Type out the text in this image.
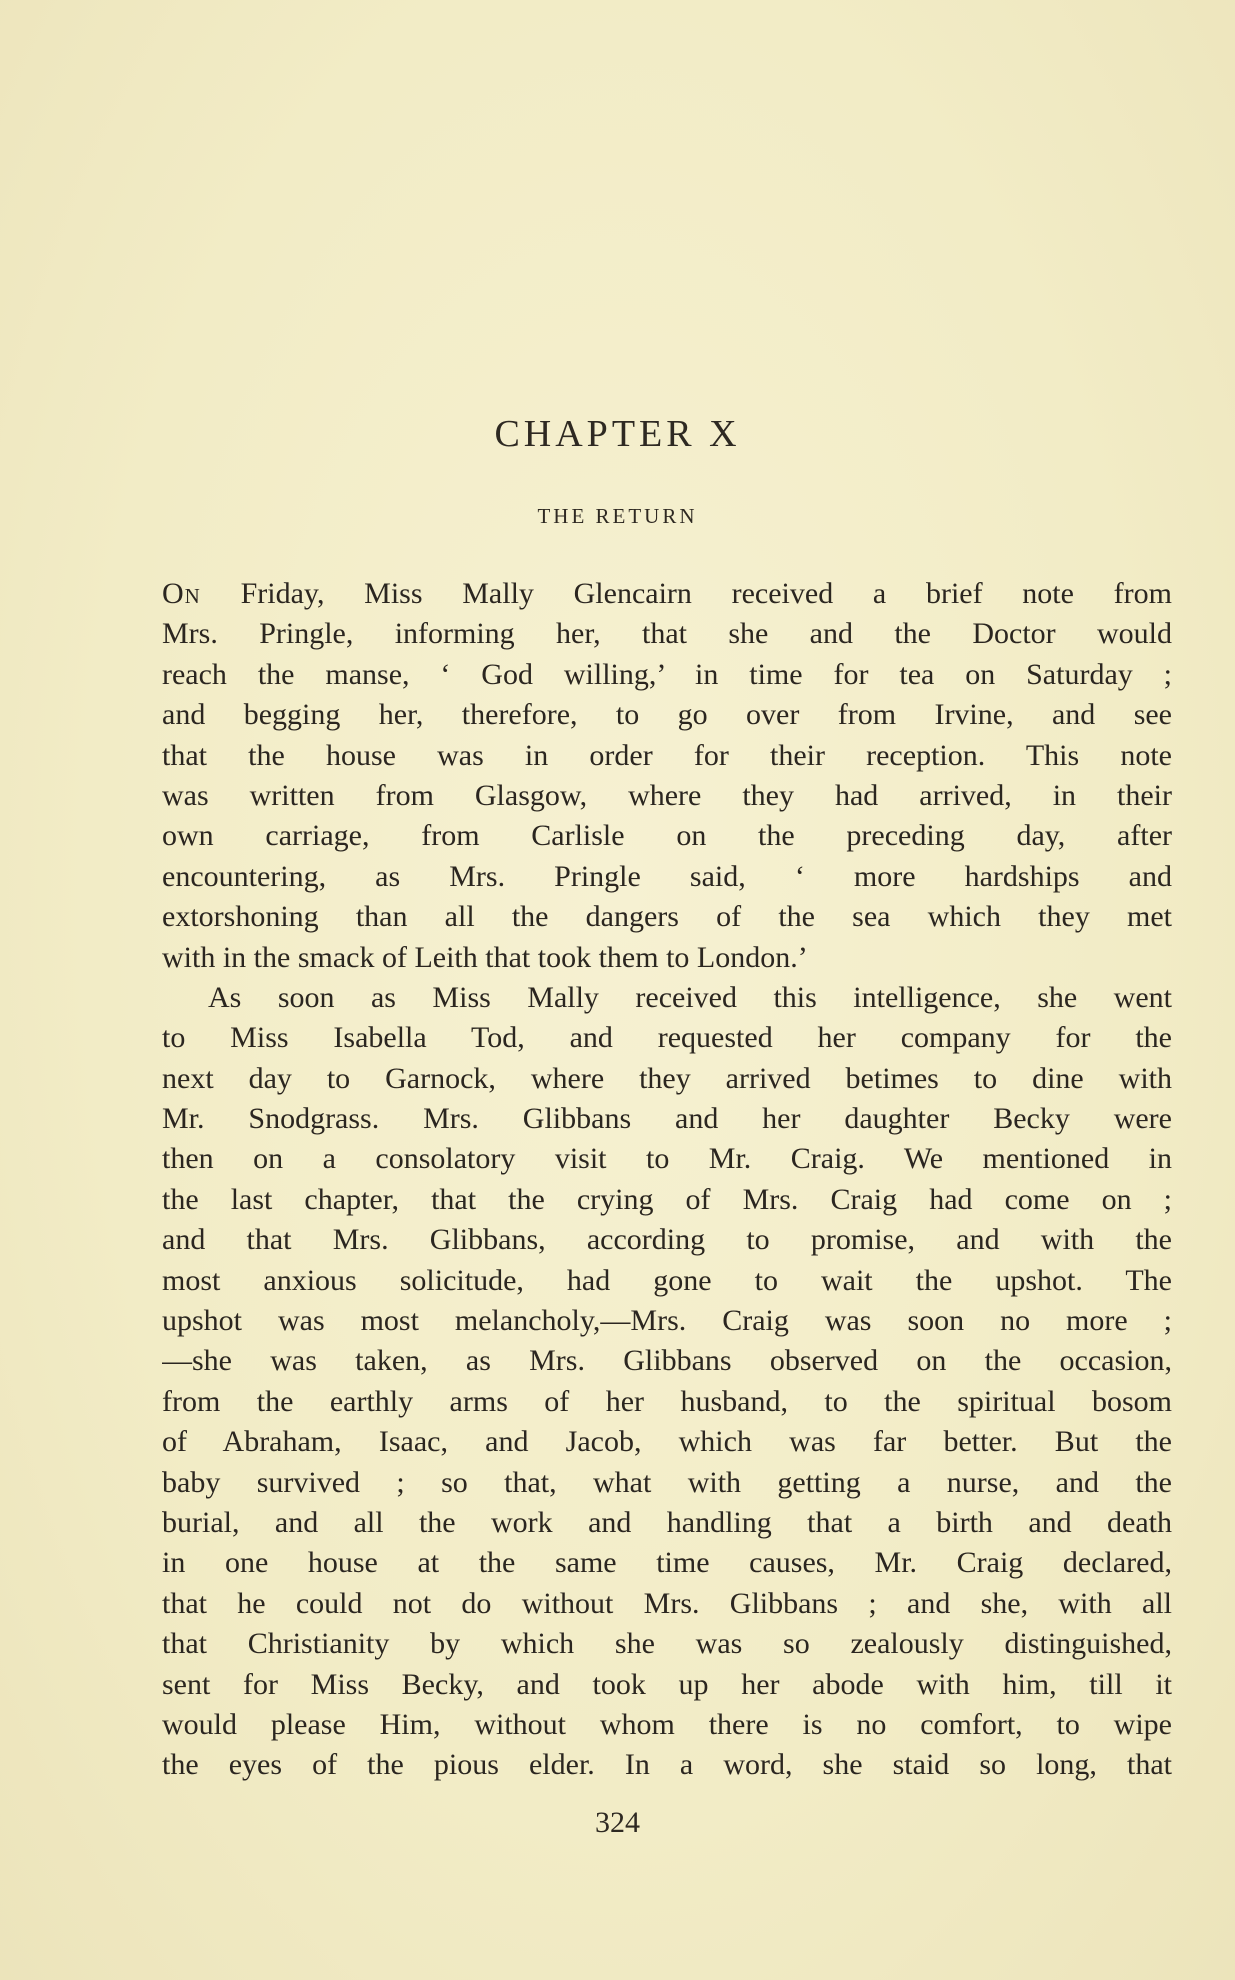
CHAPTER X
THE RETURN
On Friday, Miss Mally Glencairn received a brief note from
Mrs. Pringle, informing her, that she and the Doctor would
reach the manse, ‘ God willing,’ in time for tea on Saturday ;
and begging her, therefore, to go over from Irvine, and see
that the house was in order for their reception. This note
was written from Glasgow, where they had arrived, in their
own carriage, from Carlisle on the preceding day, after
encountering, as Mrs. Pringle said, ‘ more hardships and
extorshoning than all the dangers of the sea which they met
with in the smack of Leith that took them to London.’
As soon as Miss Mally received this intelligence, she went
to Miss Isabella Tod, and requested her company for the
next day to Garnock, where they arrived betimes to dine with
Mr. Snodgrass. Mrs. Glibbans and her daughter Becky were
then on a consolatory visit to Mr. Craig. We mentioned in
the last chapter, that the crying of Mrs. Craig had come on ;
and that Mrs. Glibbans, according to promise, and with the
most anxious solicitude, had gone to wait the upshot. The
upshot was most melancholy,—Mrs. Craig was soon no more ;
—she was taken, as Mrs. Glibbans observed on the occasion,
from the earthly arms of her husband, to the spiritual bosom
of Abraham, Isaac, and Jacob, which was far better. But the
baby survived ; so that, what with getting a nurse, and the
burial, and all the work and handling that a birth and death
in one house at the same time causes, Mr. Craig declared,
that he could not do without Mrs. Glibbans ; and she, with all
that Christianity by which she was so zealously distinguished,
sent for Miss Becky, and took up her abode with him, till it
would please Him, without whom there is no comfort, to wipe
the eyes of the pious elder. In a word, she staid so long, that
324
